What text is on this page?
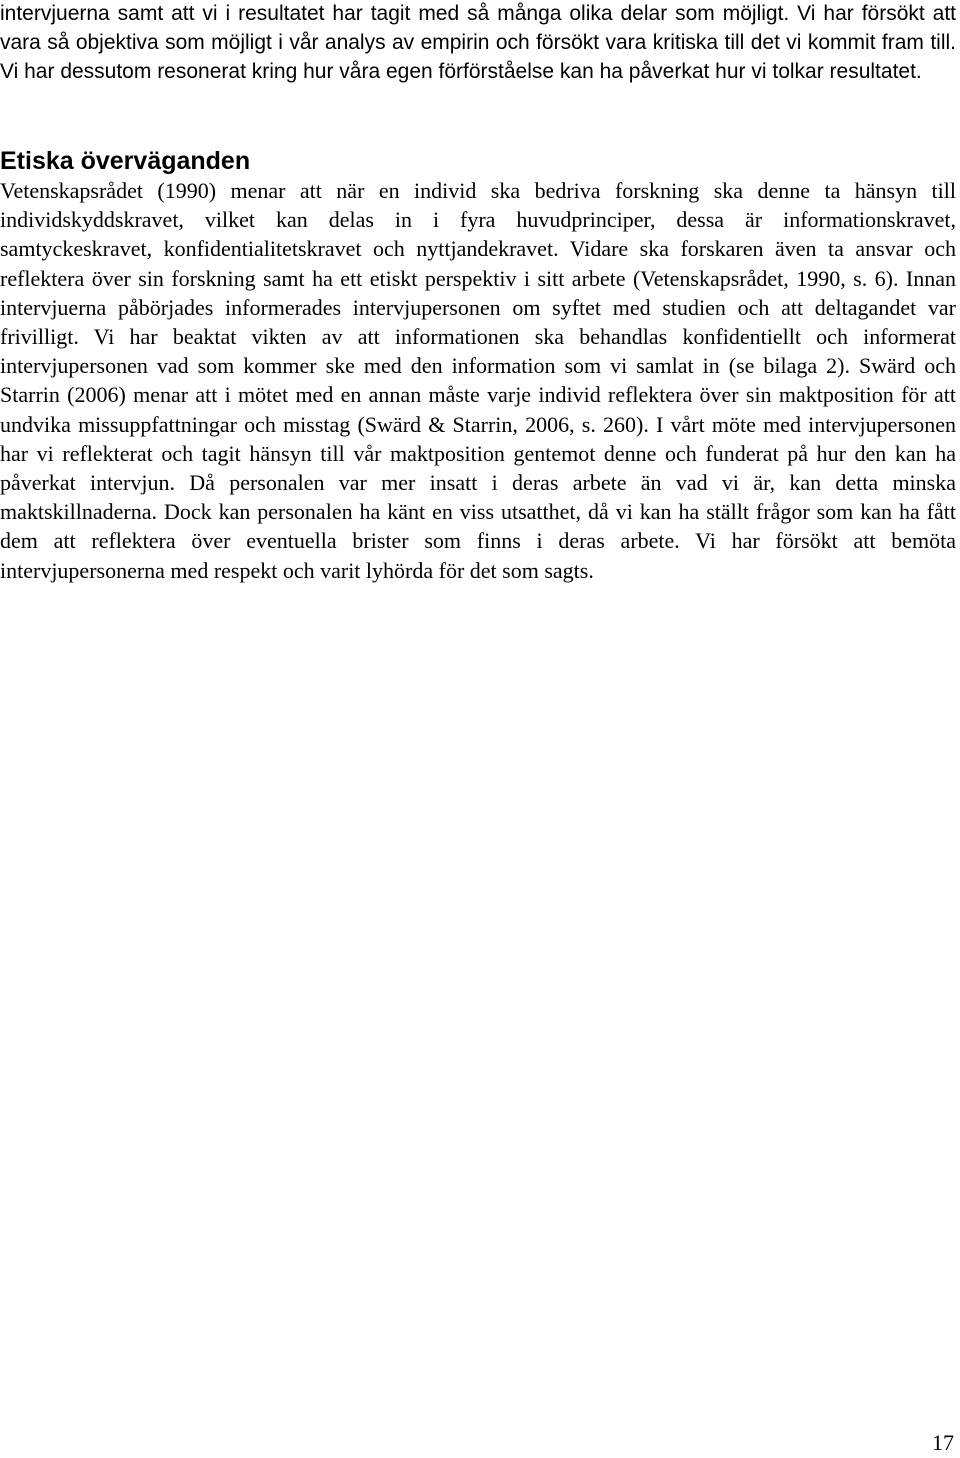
intervjuerna samt att vi i resultatet har tagit med så många olika delar som möjligt. Vi har försökt att vara så objektiva som möjligt i vår analys av empirin och försökt vara kritiska till det vi kommit fram till. Vi har dessutom resonerat kring hur våra egen förförståelse kan ha påverkat hur vi tolkar resultatet.

Etiska överväganden

Vetenskapsrådet (1990) menar att när en individ ska bedriva forskning ska denne ta hänsyn till individskyddskravet, vilket kan delas in i fyra huvudprinciper, dessa är informationskravet, samtyckeskravet, konfidentialitetskravet och nyttjandekravet. Vidare ska forskaren även ta ansvar och reflektera över sin forskning samt ha ett etiskt perspektiv i sitt arbete (Vetenskapsrådet, 1990, s. 6). Innan intervjuerna påbörjades informerades intervjupersonen om syftet med studien och att deltagandet var frivilligt. Vi har beaktat vikten av att informationen ska behandlas konfidentiellt och informerat intervjupersonen vad som kommer ske med den information som vi samlat in (se bilaga 2). Swärd och Starrin (2006) menar att i mötet med en annan måste varje individ reflektera över sin maktposition för att undvika missuppfattningar och misstag (Swärd & Starrin, 2006, s. 260). I vårt möte med intervjupersonen har vi reflekterat och tagit hänsyn till vår maktposition gentemot denne och funderat på hur den kan ha påverkat intervjun. Då personalen var mer insatt i deras arbete än vad vi är, kan detta minska maktskillnaderna. Dock kan personalen ha känt en viss utsatthet, då vi kan ha ställt frågor som kan ha fått dem att reflektera över eventuella brister som finns i deras arbete. Vi har försökt att bemöta intervjupersonerna med respekt och varit lyhörda för det som sagts.

17
